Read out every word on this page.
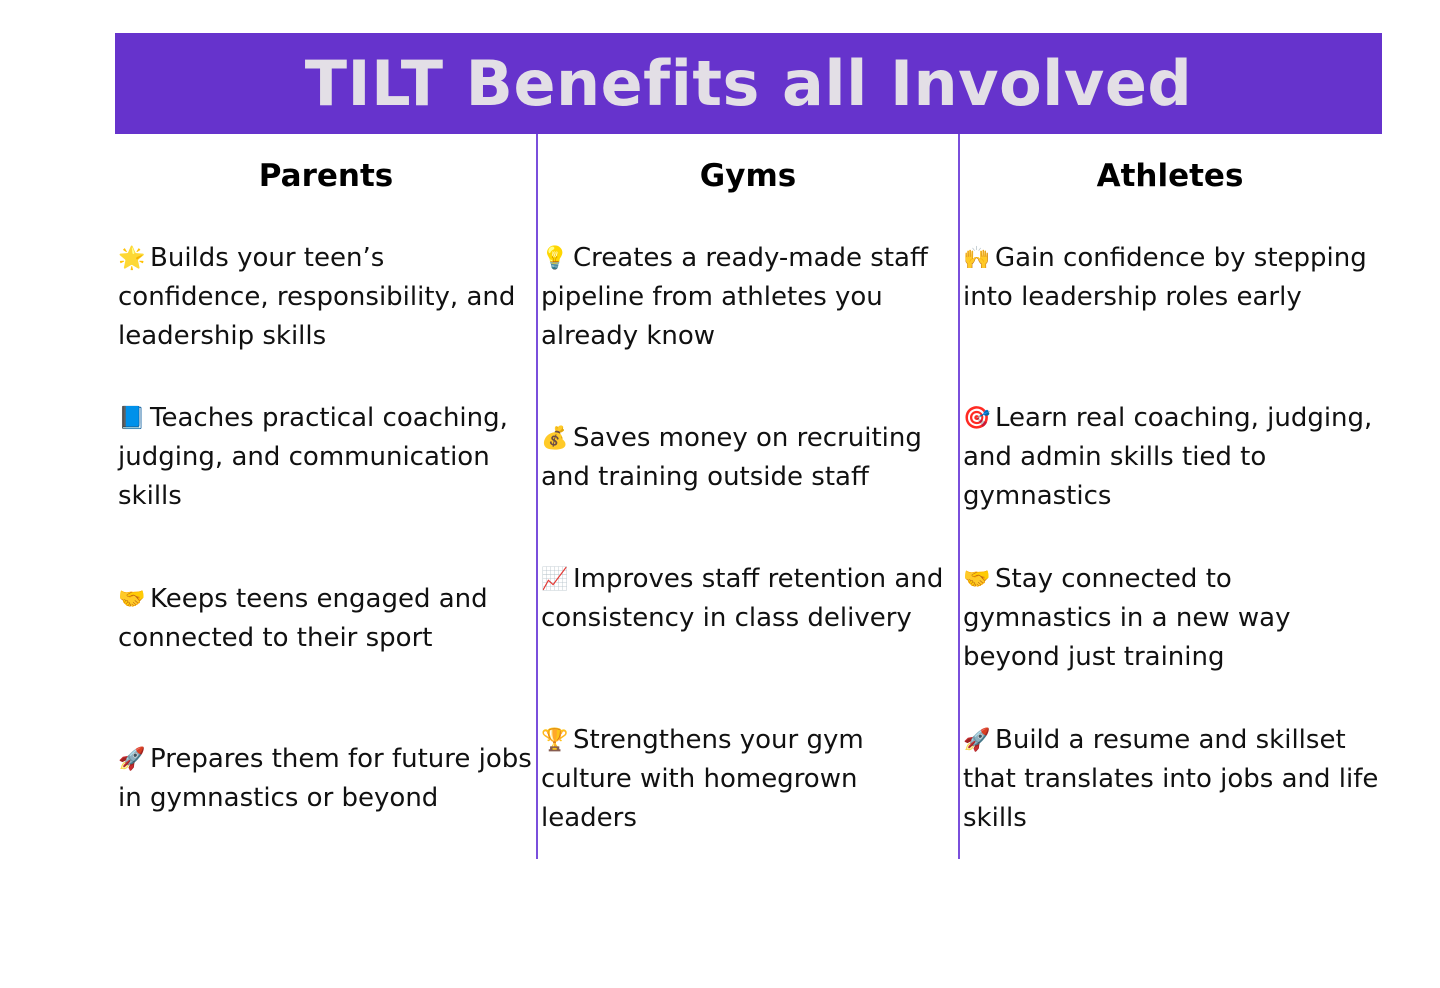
TILT Benefits all Involved
Parents	Gyms	Athletes
🌟 Builds your teen’s confidence, responsibility, and leadership skills
📘 Teaches practical coaching, judging, and communication skills
🤝 Keeps teens engaged and connected to their sport
🚀 Prepares them for future jobs in gymnastics or beyond
💡 Creates a ready-made staff pipeline from athletes you already know
💰 Saves money on recruiting and training outside staff
📈 Improves staff retention and consistency in class delivery
🏆 Strengthens your gym culture with homegrown leaders
🙌 Gain confidence by stepping into leadership roles early
🎯 Learn real coaching, judging, and admin skills tied to gymnastics
🤝 Stay connected to gymnastics in a new way beyond just training
🚀 Build a resume and skillset that translates into jobs and life skills
